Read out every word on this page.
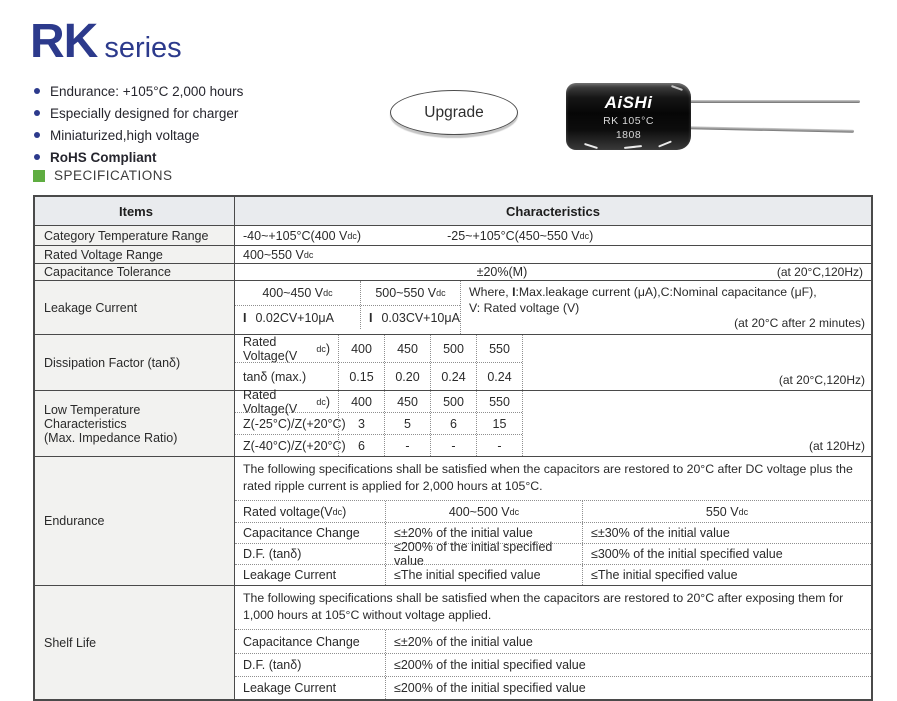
RK series
Endurance: +105°C 2,000 hours
Especially designed for charger
Miniaturized,high voltage
RoHS Compliant
Upgrade
AiSHi
RK 105°C
1808
SPECIFICATIONS
Items	Characteristics
Category Temperature Range	-40~+105°C(400 V dc )	-25~+105°C(450~550 V dc )
Rated Voltage Range	400~550 V dc
Capacitance Tolerance	±20%(M)	(at 20°C,120Hz)
Leakage Current
400~450 V dc	500~550 V dc
I 0.02CV+10μA	I 0.03CV+10μA
Where, I:Max.leakage current (μA),C:Nominal capacitance (μF),
V: Rated voltage (V)
(at 20°C after 2 minutes)
Dissipation Factor (tanδ)
Rated Voltage(V	dc )	400	450	500	550
tanδ (max.)	0.15	0.20	0.24	0.24	(at 20°C,120Hz)
Low Temperature
Characteristics
(Max. Impedance Ratio)
Rated Voltage(V	dc )	400	450	500	550
Z(-25°C)/Z(+20°C) 3	5	6	15
Z(-40°C)/Z(+20°C) 6	-	-	-	(at 120Hz)
Endurance
The following specifications shall be satisfied when the capacitors are restored to 20°C after DC voltage plus the rated ripple current is applied for 2,000 hours at 105°C.
Rated voltage(V dc )	400~500 V dc	550 V dc
Capacitance Change	≤±20% of the initial value	≤±30% of the initial value
D.F. (tanδ)	≤200% of the initial specified value	≤300% of the initial specified value
Leakage Current	≤The initial specified value	≤The initial specified value
Shelf Life
The following specifications shall be satisfied when the capacitors are restored to 20°C after exposing them for 1,000 hours at 105°C without voltage applied.
Capacitance Change	≤±20% of the initial value
D.F. (tanδ)	≤200% of the initial specified value
Leakage Current	≤200% of the initial specified value
